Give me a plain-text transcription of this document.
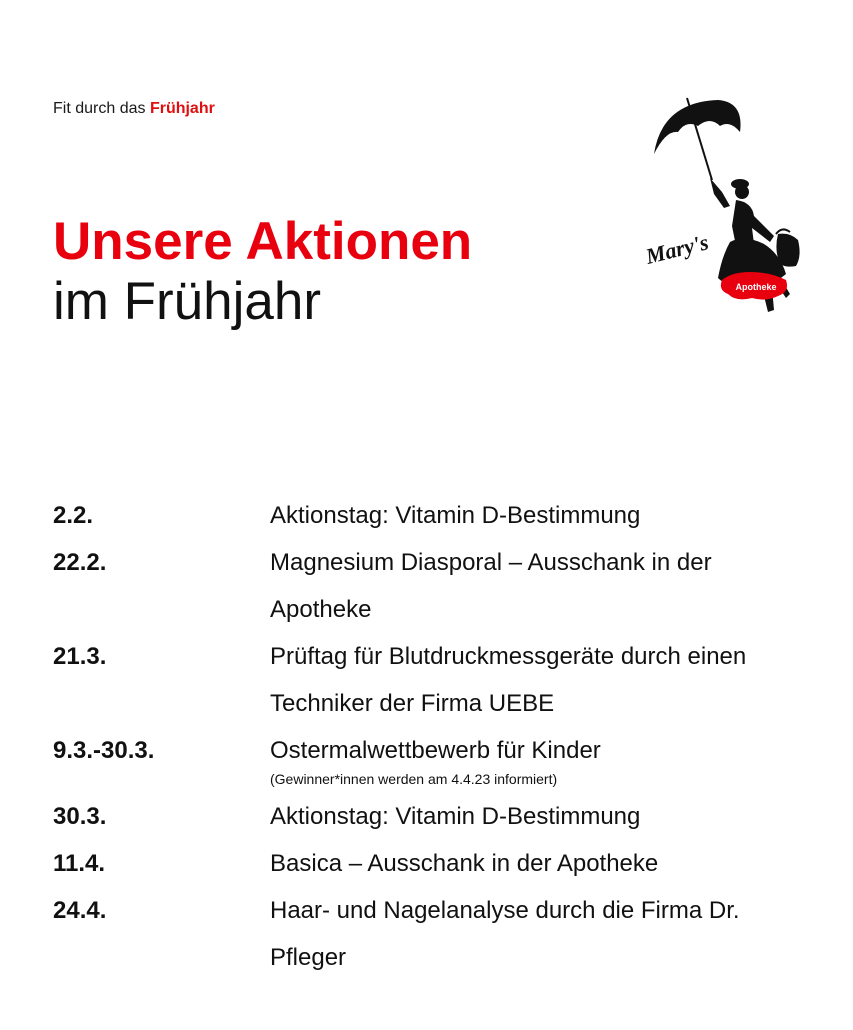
Fit durch das Frühjahr
Unsere Aktionen
im Frühjahr	Apotheke
Mary's
2.2.	Aktionstag: Vitamin D-Bestimmung
22.2.	Magnesium Diasporal – Ausschank in der Apotheke
21.3.	Prüftag für Blutdruckmessgeräte durch einen Techniker der Firma UEBE
9.3.-30.3.	Ostermalwettbewerb für Kinder
(Gewinner*innen werden am 4.4.23 informiert)
30.3.	Aktionstag: Vitamin D-Bestimmung
11.4.	Basica – Ausschank in der Apotheke
24.4.	Haar- und Nagelanalyse durch die Firma Dr. Pfleger
